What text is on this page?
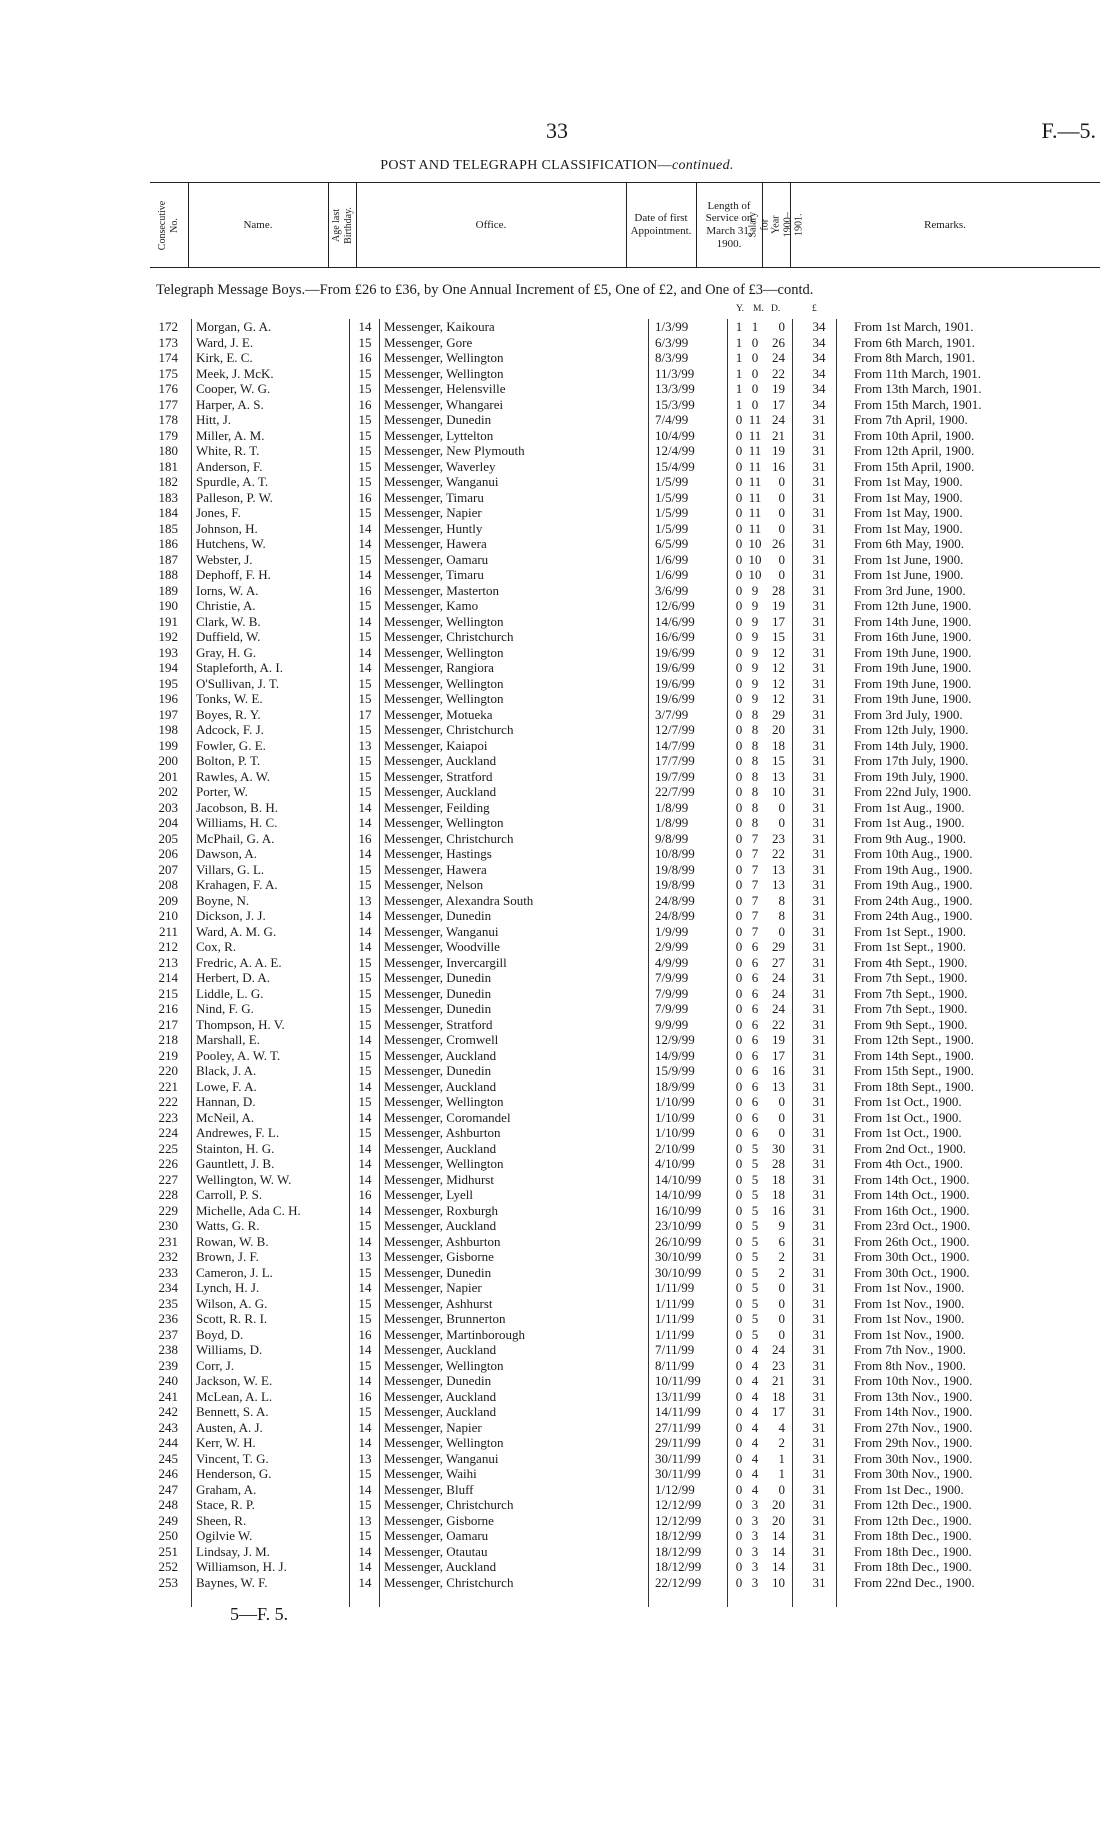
33	F.—5.
POST AND TELEGRAPH CLASSIFICATION—continued.
Consecutive No.	Name.	Age last Birthday.	Office.
Date of first Appointment.
Length of Service on March 31, 1900.
Salary for Year 1900–1901.	Remarks.
Telegraph Message Boys.—From £26 to £36, by One Annual Increment of £5, One of £2, and One of £3—contd.
Y. M. D.	£
172 Morgan, G. A.	14 Messenger, Kaikoura	1/3/99	1 1	0	34	From 1st March, 1901.
173 Ward, J. E.	15 Messenger, Gore	6/3/99	1 0	26	34	From 6th March, 1901.
174 Kirk, E. C.	16 Messenger, Wellington	8/3/99	1 0	24	34	From 8th March, 1901.
175 Meek, J. McK.	15 Messenger, Wellington	11/3/99	1 0	22	34	From 11th March, 1901.
176 Cooper, W. G.	15 Messenger, Helensville	13/3/99	1 0	19	34	From 13th March, 1901.
177 Harper, A. S.	16 Messenger, Whangarei	15/3/99	1 0	17	34	From 15th March, 1901.
178 Hitt, J.	15 Messenger, Dunedin	7/4/99	0 11 24	31	From 7th April, 1900.
179 Miller, A. M.	15 Messenger, Lyttelton	10/4/99	0 11 21	31	From 10th April, 1900.
180 White, R. T.	15 Messenger, New Plymouth	12/4/99	0 11 19	31	From 12th April, 1900.
181 Anderson, F.	15 Messenger, Waverley	15/4/99	0 11 16	31	From 15th April, 1900.
182 Spurdle, A. T.	15 Messenger, Wanganui	1/5/99	0 11	0	31	From 1st May, 1900.
183 Palleson, P. W.	16 Messenger, Timaru	1/5/99	0 11	0	31	From 1st May, 1900.
184 Jones, F.	15 Messenger, Napier	1/5/99	0 11	0	31	From 1st May, 1900.
185 Johnson, H.	14 Messenger, Huntly	1/5/99	0 11	0	31	From 1st May, 1900.
186 Hutchens, W.	14 Messenger, Hawera	6/5/99	0 10 26	31	From 6th May, 1900.
187 Webster, J.	15 Messenger, Oamaru	1/6/99	0 10	0	31	From 1st June, 1900.
188 Dephoff, F. H.	14 Messenger, Timaru	1/6/99	0 10	0	31	From 1st June, 1900.
189 Iorns, W. A.	16 Messenger, Masterton	3/6/99	0 9	28	31	From 3rd June, 1900.
190 Christie, A.	15 Messenger, Kamo	12/6/99	0 9	19	31	From 12th June, 1900.
191 Clark, W. B.	14 Messenger, Wellington	14/6/99	0 9	17	31	From 14th June, 1900.
192 Duffield, W.	15 Messenger, Christchurch	16/6/99	0 9	15	31	From 16th June, 1900.
193 Gray, H. G.	14 Messenger, Wellington	19/6/99	0 9	12	31	From 19th June, 1900.
194 Stapleforth, A. I.	14 Messenger, Rangiora	19/6/99	0 9	12	31	From 19th June, 1900.
195 O'Sullivan, J. T.	15 Messenger, Wellington	19/6/99	0 9	12	31	From 19th June, 1900.
196 Tonks, W. E.	15 Messenger, Wellington	19/6/99	0 9	12	31	From 19th June, 1900.
197 Boyes, R. Y.	17 Messenger, Motueka	3/7/99	0 8	29	31	From 3rd July, 1900.
198 Adcock, F. J.	15 Messenger, Christchurch	12/7/99	0 8	20	31	From 12th July, 1900.
199 Fowler, G. E.	13 Messenger, Kaiapoi	14/7/99	0 8	18	31	From 14th July, 1900.
200 Bolton, P. T.	15 Messenger, Auckland	17/7/99	0 8	15	31	From 17th July, 1900.
201 Rawles, A. W.	15 Messenger, Stratford	19/7/99	0 8	13	31	From 19th July, 1900.
202 Porter, W.	15 Messenger, Auckland	22/7/99	0 8	10	31	From 22nd July, 1900.
203 Jacobson, B. H.	14 Messenger, Feilding	1/8/99	0 8	0	31	From 1st Aug., 1900.
204 Williams, H. C.	14 Messenger, Wellington	1/8/99	0 8	0	31	From 1st Aug., 1900.
205 McPhail, G. A.	16 Messenger, Christchurch	9/8/99	0 7	23	31	From 9th Aug., 1900.
206 Dawson, A.	14 Messenger, Hastings	10/8/99	0 7	22	31	From 10th Aug., 1900.
207 Villars, G. L.	15 Messenger, Hawera	19/8/99	0 7	13	31	From 19th Aug., 1900.
208 Krahagen, F. A.	15 Messenger, Nelson	19/8/99	0 7	13	31	From 19th Aug., 1900.
209 Boyne, N.	13 Messenger, Alexandra South	24/8/99	0 7	8	31	From 24th Aug., 1900.
210 Dickson, J. J.	14 Messenger, Dunedin	24/8/99	0 7	8	31	From 24th Aug., 1900.
211 Ward, A. M. G.	14 Messenger, Wanganui	1/9/99	0 7	0	31	From 1st Sept., 1900.
212 Cox, R.	14 Messenger, Woodville	2/9/99	0 6	29	31	From 1st Sept., 1900.
213 Fredric, A. A. E.	15 Messenger, Invercargill	4/9/99	0 6	27	31	From 4th Sept., 1900.
214 Herbert, D. A.	15 Messenger, Dunedin	7/9/99	0 6	24	31	From 7th Sept., 1900.
215 Liddle, L. G.	15 Messenger, Dunedin	7/9/99	0 6	24	31	From 7th Sept., 1900.
216 Nind, F. G.	15 Messenger, Dunedin	7/9/99	0 6	24	31	From 7th Sept., 1900.
217 Thompson, H. V.	15 Messenger, Stratford	9/9/99	0 6	22	31	From 9th Sept., 1900.
218 Marshall, E.	14 Messenger, Cromwell	12/9/99	0 6	19	31	From 12th Sept., 1900.
219 Pooley, A. W. T.	15 Messenger, Auckland	14/9/99	0 6	17	31	From 14th Sept., 1900.
220 Black, J. A.	15 Messenger, Dunedin	15/9/99	0 6	16	31	From 15th Sept., 1900.
221 Lowe, F. A.	14 Messenger, Auckland	18/9/99	0 6	13	31	From 18th Sept., 1900.
222 Hannan, D.	15 Messenger, Wellington	1/10/99	0 6	0	31	From 1st Oct., 1900.
223 McNeil, A.	14 Messenger, Coromandel	1/10/99	0 6	0	31	From 1st Oct., 1900.
224 Andrewes, F. L.	15 Messenger, Ashburton	1/10/99	0 6	0	31	From 1st Oct., 1900.
225 Stainton, H. G.	14 Messenger, Auckland	2/10/99	0 5	30	31	From 2nd Oct., 1900.
226 Gauntlett, J. B.	14 Messenger, Wellington	4/10/99	0 5	28	31	From 4th Oct., 1900.
227 Wellington, W. W.	14 Messenger, Midhurst	14/10/99	0 5	18	31	From 14th Oct., 1900.
228 Carroll, P. S.	16 Messenger, Lyell	14/10/99	0 5	18	31	From 14th Oct., 1900.
229 Michelle, Ada C. H.	14 Messenger, Roxburgh	16/10/99	0 5	16	31	From 16th Oct., 1900.
230 Watts, G. R.	15 Messenger, Auckland	23/10/99	0 5	9	31	From 23rd Oct., 1900.
231 Rowan, W. B.	14 Messenger, Ashburton	26/10/99	0 5	6	31	From 26th Oct., 1900.
232 Brown, J. F.	13 Messenger, Gisborne	30/10/99	0 5	2	31	From 30th Oct., 1900.
233 Cameron, J. L.	15 Messenger, Dunedin	30/10/99	0 5	2	31	From 30th Oct., 1900.
234 Lynch, H. J.	14 Messenger, Napier	1/11/99	0 5	0	31	From 1st Nov., 1900.
235 Wilson, A. G.	15 Messenger, Ashhurst	1/11/99	0 5	0	31	From 1st Nov., 1900.
236 Scott, R. R. I.	15 Messenger, Brunnerton	1/11/99	0 5	0	31	From 1st Nov., 1900.
237 Boyd, D.	16 Messenger, Martinborough	1/11/99	0 5	0	31	From 1st Nov., 1900.
238 Williams, D.	14 Messenger, Auckland	7/11/99	0 4	24	31	From 7th Nov., 1900.
239 Corr, J.	15 Messenger, Wellington	8/11/99	0 4	23	31	From 8th Nov., 1900.
240 Jackson, W. E.	14 Messenger, Dunedin	10/11/99	0 4	21	31	From 10th Nov., 1900.
241 McLean, A. L.	16 Messenger, Auckland	13/11/99	0 4	18	31	From 13th Nov., 1900.
242 Bennett, S. A.	15 Messenger, Auckland	14/11/99	0 4	17	31	From 14th Nov., 1900.
243 Austen, A. J.	14 Messenger, Napier	27/11/99	0 4	4	31	From 27th Nov., 1900.
244 Kerr, W. H.	14 Messenger, Wellington	29/11/99	0 4	2	31	From 29th Nov., 1900.
245 Vincent, T. G.	13 Messenger, Wanganui	30/11/99	0 4	1	31	From 30th Nov., 1900.
246 Henderson, G.	15 Messenger, Waihi	30/11/99	0 4	1	31	From 30th Nov., 1900.
247 Graham, A.	14 Messenger, Bluff	1/12/99	0 4	0	31	From 1st Dec., 1900.
248 Stace, R. P.	15 Messenger, Christchurch	12/12/99	0 3	20	31	From 12th Dec., 1900.
249 Sheen, R.	13 Messenger, Gisborne	12/12/99	0 3	20	31	From 12th Dec., 1900.
250 Ogilvie W.	15 Messenger, Oamaru	18/12/99	0 3	14	31	From 18th Dec., 1900.
251 Lindsay, J. M.	14 Messenger, Otautau	18/12/99	0 3	14	31	From 18th Dec., 1900.
252 Williamson, H. J.	14 Messenger, Auckland	18/12/99	0 3	14	31	From 18th Dec., 1900.
253 Baynes, W. F.	14 Messenger, Christchurch	22/12/99	0 3	10	31	From 22nd Dec., 1900.
5—F. 5.
